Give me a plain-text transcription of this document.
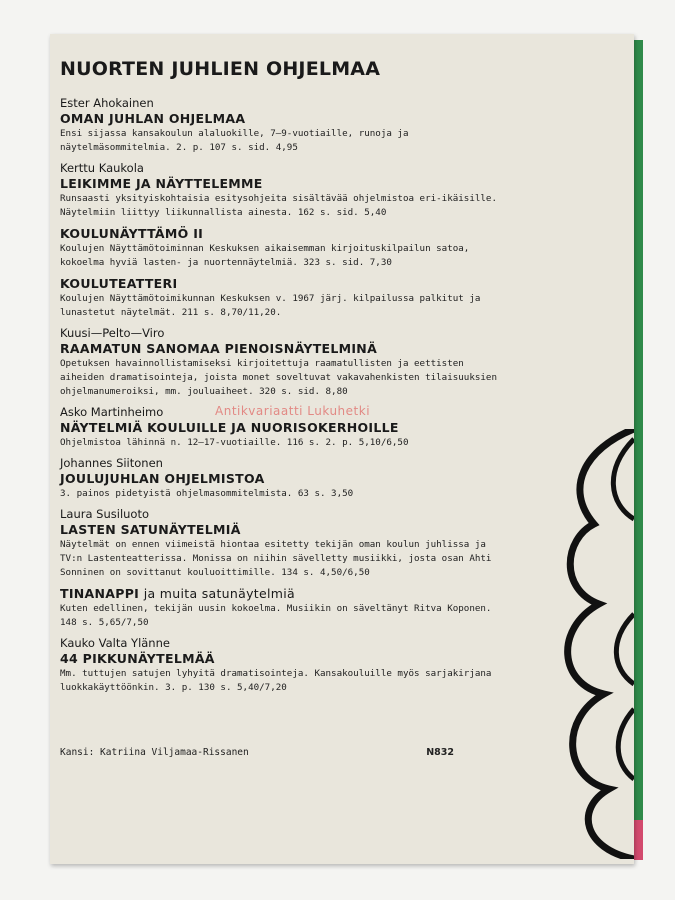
Antikvariaatti Lukuhetki
NUORTEN JUHLIEN OHJELMAA
Ester Ahokainen
OMAN JUHLAN OHJELMAA
Ensi sijassa kansakoulun alaluokille, 7—9-vuotiaille, runoja ja näytelmäsommitelmia. 2. p. 107 s. sid. 4,95
Kerttu Kaukola
LEIKIMME JA NÄYTTELEMME
Runsaasti yksityiskohtaisia esitysohjeita sisältävää ohjelmistoa eri-ikäisille. Näytelmiin liittyy liikunnallista ainesta. 162 s. sid. 5,40
KOULUNÄYTTÄMÖ II
Koulujen Näyttämötoiminnan Keskuksen aikaisemman kirjoituskilpailun satoa, kokoelma hyviä lasten- ja nuortennäytelmiä. 323 s. sid. 7,30
KOULUTEATTERI
Koulujen Näyttämötoimikunnan Keskuksen v. 1967 järj. kilpailussa palkitut ja lunastetut näytelmät. 211 s. 8,70/11,20.
Kuusi—Pelto—Viro
RAAMATUN SANOMAA PIENOISNÄYTELMINÄ
Opetuksen havainnollistamiseksi kirjoitettuja raamatullisten ja eettisten aiheiden dramatisointeja, joista monet soveltuvat vakavahenkisten tilaisuuksien ohjelmanumeroiksi, mm. jouluaiheet. 320 s. sid. 8,80
Asko Martinheimo
NÄYTELMIÄ KOULUILLE JA NUORISOKERHOILLE
Ohjelmistoa lähinnä n. 12—17-vuotiaille. 116 s. 2. p. 5,10/6,50
Johannes Siitonen
JOULUJUHLAN OHJELMISTOA
3. painos pidetyistä ohjelmasommitelmista. 63 s. 3,50
Laura Susiluoto
LASTEN SATUNÄYTELMIÄ
Näytelmät on ennen viimeistä hiontaa esitetty tekijän oman koulun juhlissa ja TV:n Lastenteatterissa. Monissa on niihin sävelletty musiikki, josta osan Ahti Sonninen on sovittanut kouluoittimille. 134 s. 4,50/6,50
TINANAPPI ja muita satunäytelmiä
Kuten edellinen, tekijän uusin kokoelma. Musiikin on säveltänyt Ritva Koponen. 148 s. 5,65/7,50
Kauko Valta Ylänne
44 PIKKUNÄYTELMÄÄ
Mm. tuttujen satujen lyhyitä dramatisointeja. Kansakouluille myös sarjakirjana luokkakäyttöönkin. 3. p. 130 s. 5,40/7,20
Kansi: Katriina Viljamaa-Rissanen	N832
